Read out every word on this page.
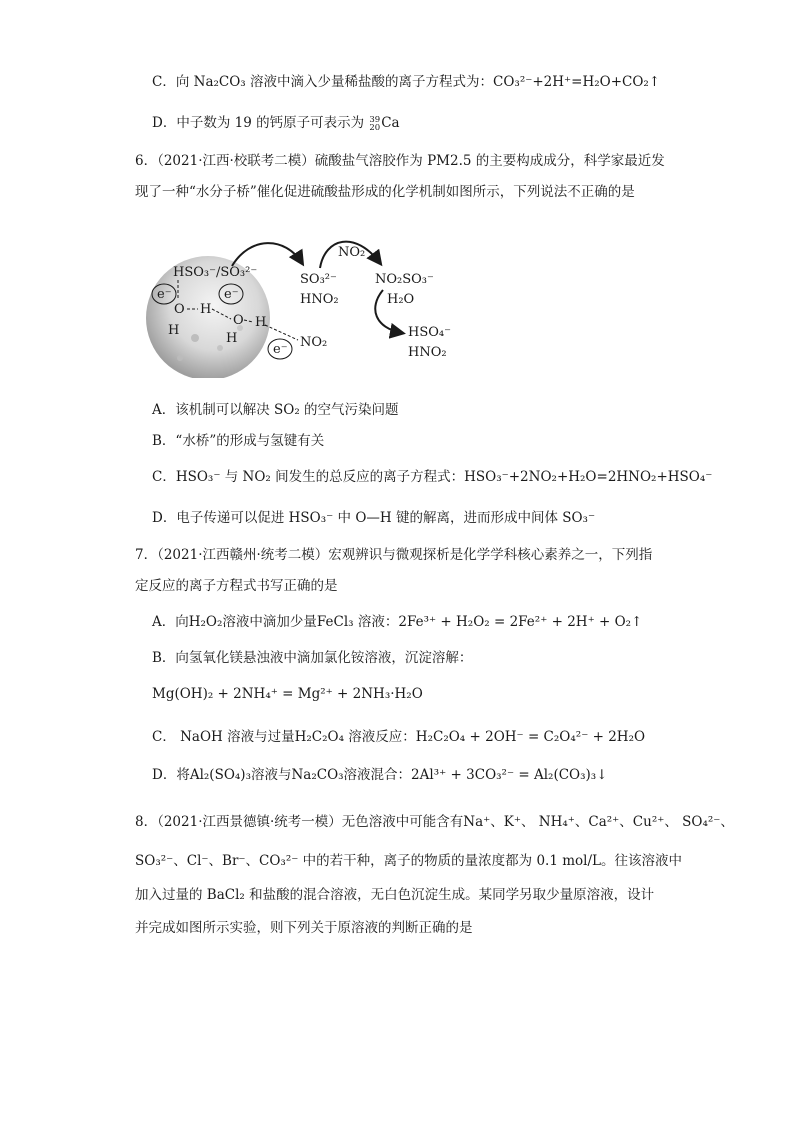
C．向 Na₂CO₃ 溶液中滴入少量稀盐酸的离子方程式为：CO₃²⁻+2H⁺=H₂O+CO₂↑
D．中子数为 19 的钙原子可表示为 39
20 Ca
6．（2021·江西·校联考二模）硫酸盐气溶胶作为 PM2.5 的主要构成成分，科学家最近发
现了一种“水分子桥”催化促进硫酸盐形成的化学机制如图所示，下列说法不正确的是
HSO₃⁻/SO₃²⁻
e⁻
O
H
H
e⁻
O
H
H
e⁻ NO₂
SO₃²⁻
HNO₂
NO₂
NO₂SO₃⁻
H₂O
HSO₄⁻
HNO₂
A．该机制可以解决 SO₂ 的空气污染问题
B．“水桥”的形成与氢键有关
C．HSO₃⁻ 与 NO₂ 间发生的总反应的离子方程式：HSO₃⁻+2NO₂+H₂O=2HNO₂+HSO₄⁻
D．电子传递可以促进 HSO₃⁻ 中 O—H 键的解离，进而形成中间体 SO₃⁻
7．（2021·江西赣州·统考二模）宏观辨识与微观探析是化学学科核心素养之一，下列指
定反应的离子方程式书写正确的是
A．向H₂O₂溶液中滴加少量FeCl₃ 溶液：2Fe³⁺ + H₂O₂ = 2Fe²⁺ + 2H⁺ + O₂↑
B．向氢氧化镁悬浊液中滴加氯化铵溶液，沉淀溶解：
Mg(OH)₂ + 2NH₄⁺ = Mg²⁺ + 2NH₃·H₂O
C． NaOH 溶液与过量H₂C₂O₄ 溶液反应：H₂C₂O₄ + 2OH⁻ = C₂O₄²⁻ + 2H₂O
D．将Al₂(SO₄)₃溶液与Na₂CO₃溶液混合：2Al³⁺ + 3CO₃²⁻ = Al₂(CO₃)₃↓
8．（2021·江西景德镇·统考一模）无色溶液中可能含有Na⁺、K⁺、 NH₄⁺、Ca²⁺、Cu²⁺、 SO₄²⁻、
SO₃²⁻、Cl⁻、Br⁻、CO₃²⁻ 中的若干种，离子的物质的量浓度都为 0.1 mol/L。往该溶液中
加入过量的 BaCl₂ 和盐酸的混合溶液，无白色沉淀生成。某同学另取少量原溶液，设计
并完成如图所示实验，则下列关于原溶液的判断正确的是
